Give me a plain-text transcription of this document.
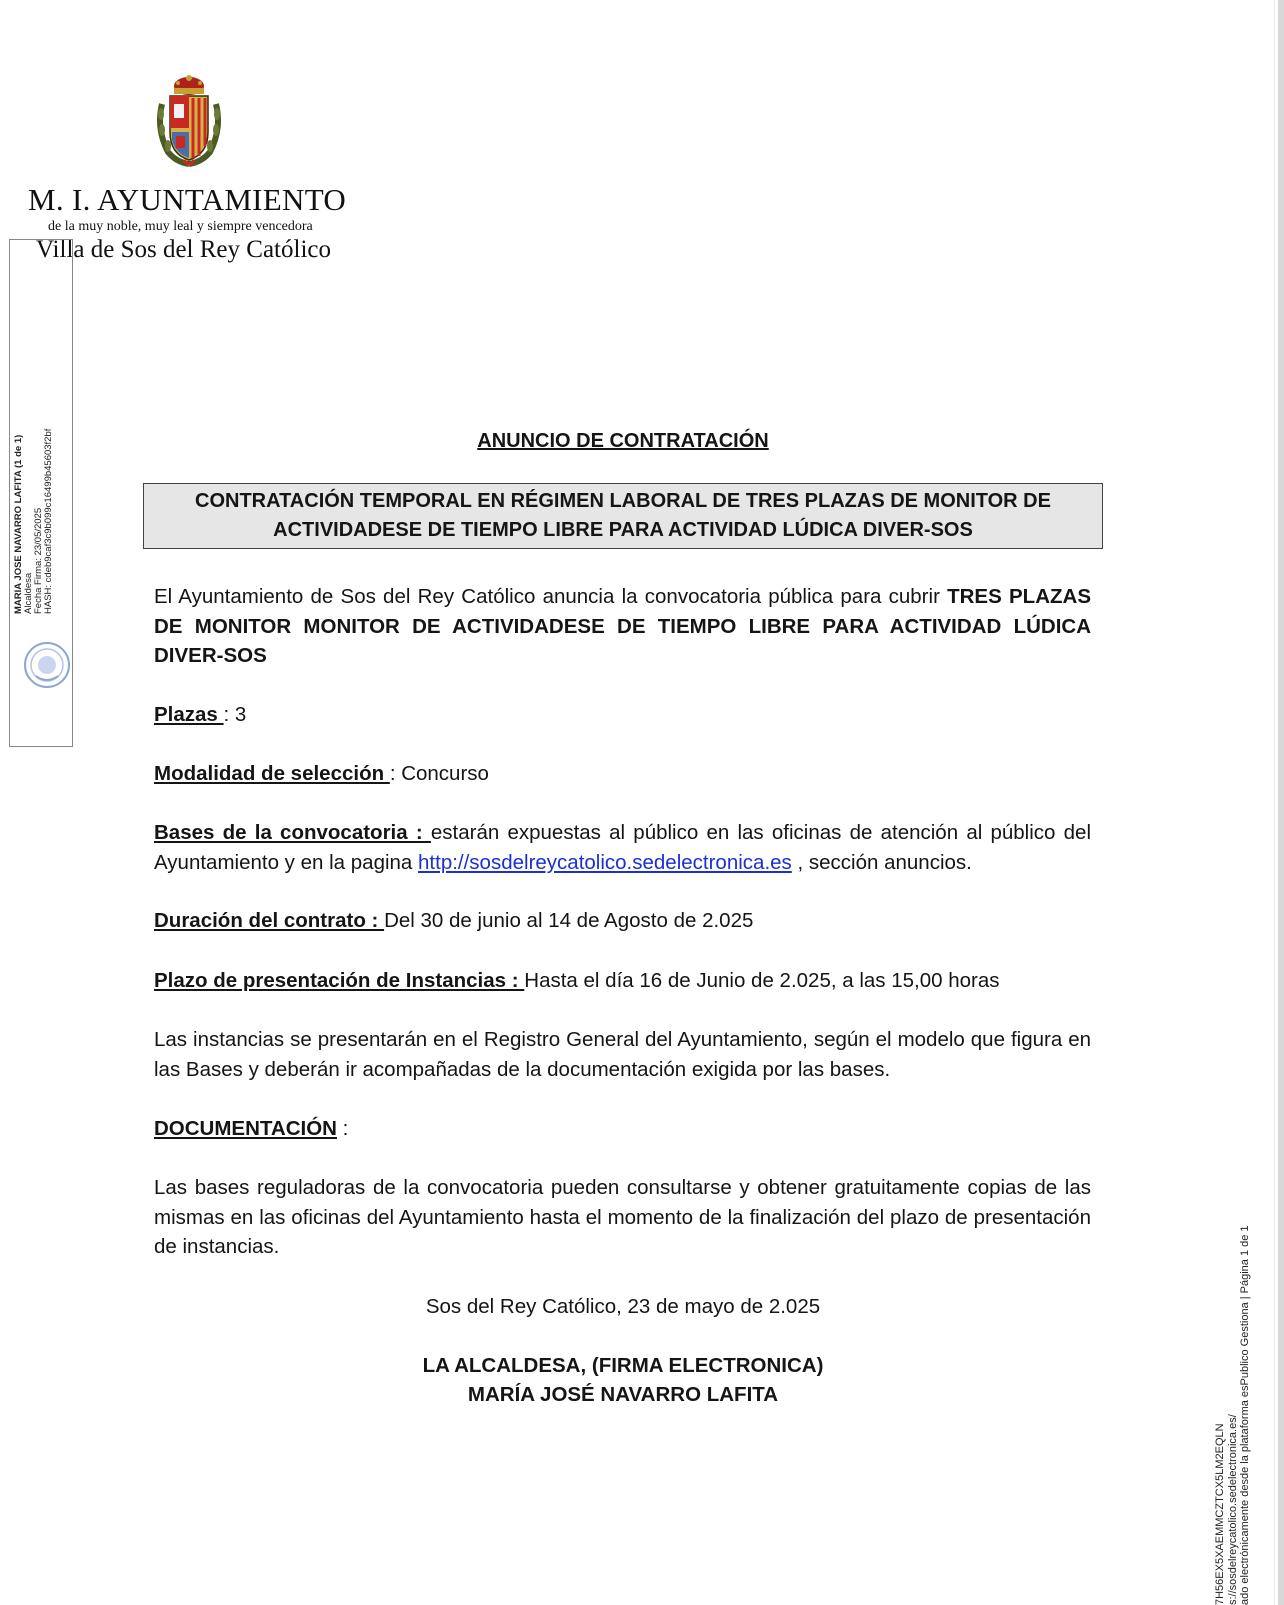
M. I. AYUNTAMIENTO
de la muy noble, muy leal y siempre vencedora
Villa de Sos del Rey Católico
MARIA JOSE NAVARRO LAFITA (1 de 1) Alcaldesa Fecha Firma: 23/05/2025 HASH: cdeb9caf3c9b099c16499b45603f2bf	ANUNCIO DE CONTRATACIÓN
CONTRATACIÓN TEMPORAL EN RÉGIMEN LABORAL DE TRES PLAZAS DE MONITOR DE ACTIVIDADESE DE TIEMPO LIBRE PARA ACTIVIDAD LÚDICA DIVER-SOS
El Ayuntamiento de Sos del Rey Católico anuncia la convocatoria pública para cubrir TRES PLAZAS DE MONITOR MONITOR DE ACTIVIDADESE DE TIEMPO LIBRE PARA ACTIVIDAD LÚDICA DIVER-SOS
Plazas : 3
Modalidad de selección : Concurso
Bases de la convocatoria : estarán expuestas al público en las oficinas de atención al público del Ayuntamiento y en la pagina http://sosdelreycatolico.sedelectronica.es , sección anuncios.
Duración del contrato : Del 30 de junio al 14 de Agosto de 2.025
Plazo de presentación de Instancias : Hasta el día 16 de Junio de 2.025, a las 15,00 horas
Las instancias se presentarán en el Registro General del Ayuntamiento, según el modelo que figura en las Bases y deberán ir acompañadas de la documentación exigida por las bases.
DOCUMENTACIÓN :
Las bases reguladoras de la convocatoria pueden consultarse y obtener gratuitamente copias de las mismas en las oficinas del Ayuntamiento hasta el momento de la finalización del plazo de presentación de instancias.
Sos del Rey Católico, 23 de mayo de 2.025
LA ALCALDESA, (FIRMA ELECTRONICA)
MARÍA JOSÉ NAVARRO LAFITA
7H56EX5XAEMMCZTCX5LM2EQLN s://sosdelreycatolico.sedelectronica.es/ ado electrónicamente desde la plataforma esPublico Gestiona | Página 1 de 1
